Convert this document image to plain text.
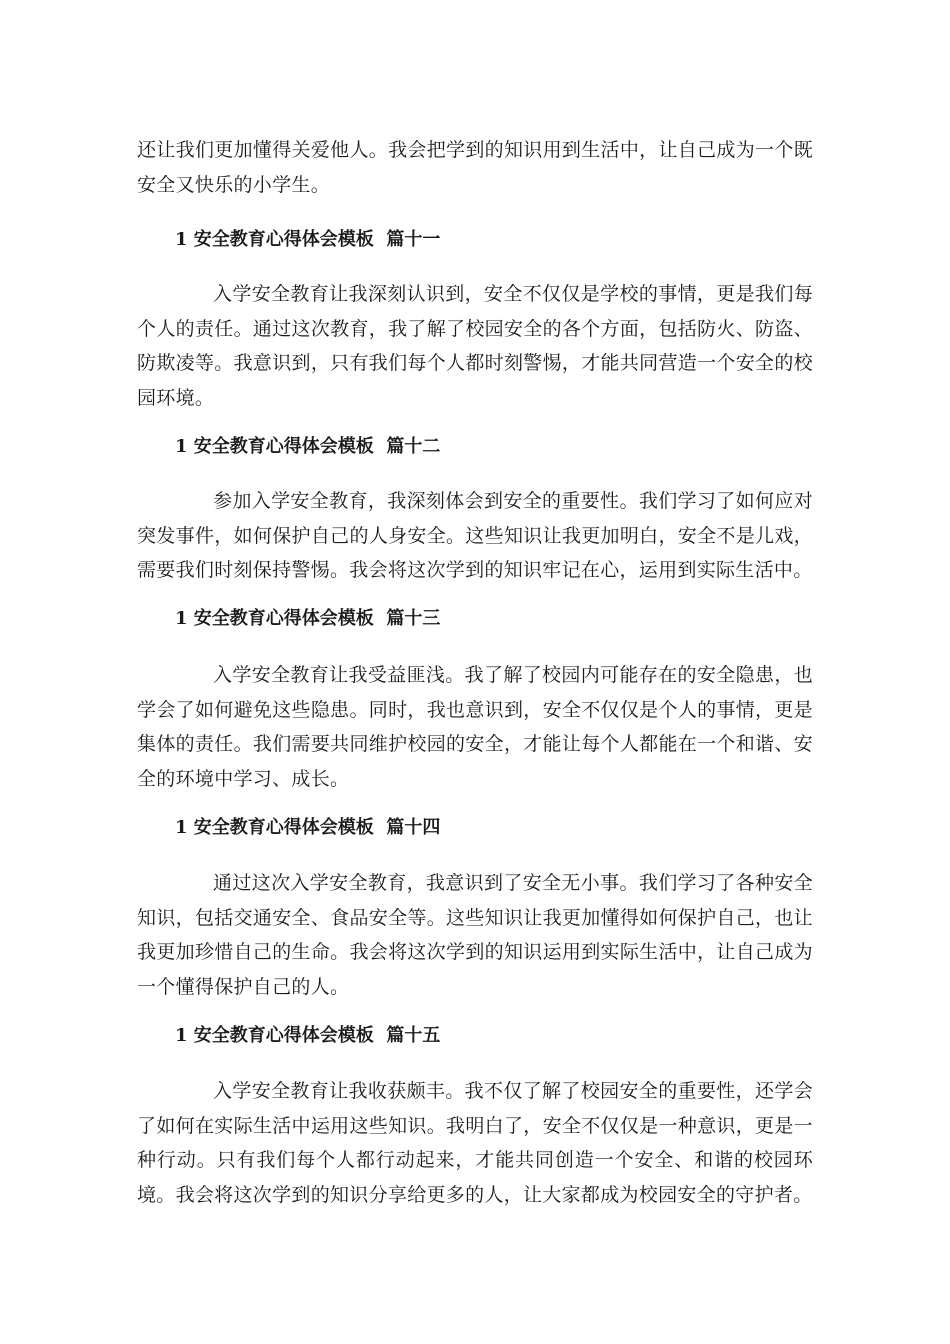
还让我们更加懂得关爱他人。我会把学到的知识用到生活中，让自己成为一个既安全又快乐的小学生。

1 安全教育心得体会模板  篇十一

入学安全教育让我深刻认识到，安全不仅仅是学校的事情，更是我们每个人的责任。通过这次教育，我了解了校园安全的各个方面，包括防火、防盗、防欺凌等。我意识到，只有我们每个人都时刻警惕，才能共同营造一个安全的校园环境。

1 安全教育心得体会模板  篇十二

参加入学安全教育，我深刻体会到安全的重要性。我们学习了如何应对突发事件，如何保护自己的人身安全。这些知识让我更加明白，安全不是儿戏，需要我们时刻保持警惕。我会将这次学到的知识牢记在心，运用到实际生活中。

1 安全教育心得体会模板  篇十三

入学安全教育让我受益匪浅。我了解了校园内可能存在的安全隐患，也学会了如何避免这些隐患。同时，我也意识到，安全不仅仅是个人的事情，更是集体的责任。我们需要共同维护校园的安全，才能让每个人都能在一个和谐、安全的环境中学习、成长。

1 安全教育心得体会模板  篇十四

通过这次入学安全教育，我意识到了安全无小事。我们学习了各种安全知识，包括交通安全、食品安全等。这些知识让我更加懂得如何保护自己，也让我更加珍惜自己的生命。我会将这次学到的知识运用到实际生活中，让自己成为一个懂得保护自己的人。

1 安全教育心得体会模板  篇十五

入学安全教育让我收获颇丰。我不仅了解了校园安全的重要性，还学会了如何在实际生活中运用这些知识。我明白了，安全不仅仅是一种意识，更是一种行动。只有我们每个人都行动起来，才能共同创造一个安全、和谐的校园环境。我会将这次学到的知识分享给更多的人，让大家都成为校园安全的守护者。
